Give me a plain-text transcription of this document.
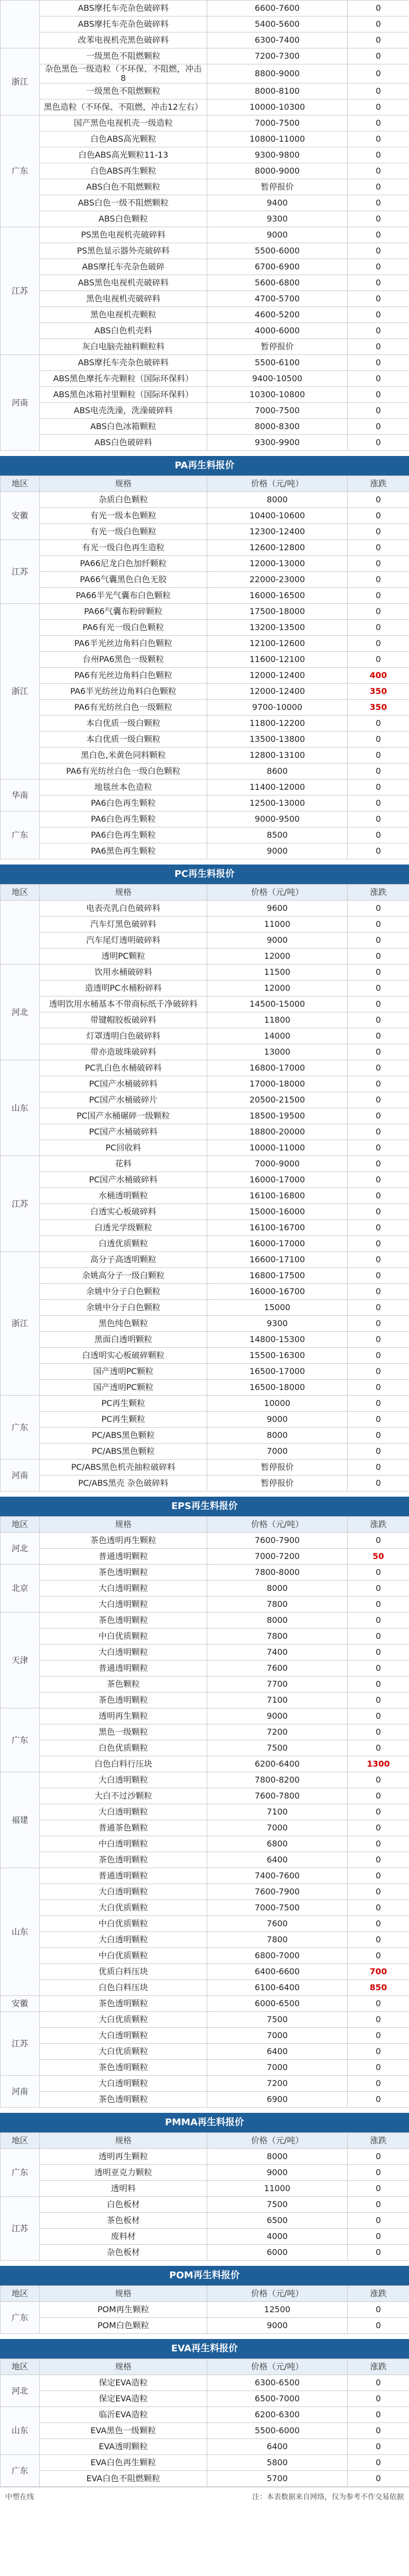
	ABS摩托车壳杂色破碎料	6600-7600	0
	ABS摩托车壳杂色破碎料	5400-5600	0
	改苯电视机壳黑色破碎料	6300-7400	0
浙江	一级黑色不阻燃颗粒	7200-7300	0
	杂色黑色一级造粒（不环保、不阻燃，冲击8	8800-9000	0
	一级黑色不阻燃颗粒	8000-8100	0
	黑色造粒（不环保、不阻燃，冲击12左右）	10000-10300	0
广东	国产黑色电视机壳一级造粒	7000-7500	0
	白色ABS高光颗粒	10800-11000	0
	白色ABS高光颗粒11-13	9300-9800	0
	白色ABS再生颗粒	8000-9000	0
	ABS白色不阻燃颗粒	暂停报价	0
	ABS白色一级不阻燃颗粒	9400	0
	ABS白色颗粒	9300	0
江苏	PS黑色电视机壳破碎料	9000	0
	PS黑色显示器外壳破碎料	5500-6000	0
	ABS摩托车壳杂色破碎	6700-6900	0
	ABS黑色电视机壳破碎料	5600-6800	0
	黑色电视机壳破碎料	4700-5700	0
	黑色电视机壳颗粒	4600-5200	0
	ABS白色机壳料	4000-6000	0
	灰白电脑壳抽料颗粒料	暂停报价	0
河南	ABS摩托车壳杂色破碎料	5500-6100	0
	ABS黑色摩托车壳颗粒（国际环保料）	9400-10500	0
	ABS黑色冰箱衬里颗粒（国际环保料）	10300-10800	0
	ABS电壳洗澡，洗澡破碎料	7000-7500	0
	ABS白色冰箱颗粒	8000-8300	0
	ABS白色破碎料	9300-9900	0
PA再生料报价
地区	规格	价格（元/吨）	涨跌
安徽	杂质白色颗粒	8000	0
	有光一级本色颗粒	10400-10600	0
	有光一级白色颗粒	12300-12400	0
江苏	有光一级白色再生造粒	12600-12800	0
	PA66尼龙白色加纤颗粒	12000-13000	0
	PA66气囊黑色白色无胶	22000-23000	0
	PA66半光气囊布白色颗粒	16000-16500	0
浙江	PA66气囊布粉碎颗粒	17500-18000	0
	PA6有光一级白色颗粒	13200-13500	0
	PA6半光丝边角料白色颗粒	12100-12600	0
	台州PA6黑色一级颗粒	11600-12100	0
	PA6有光丝边角料白色颗粒	12000-12400	400
	PA6半光纺丝边角料白色颗粒	12000-12400	350
	PA6有光纺丝白色一级颗粒	9700-10000	350
	本白优质一级白颗粒	11800-12200	0
	本白优质一级白颗粒	13500-13800	0
	黑白色,米黄色同料颗粒	12800-13100	0
	PA6有光纺丝白色一级白色颗粒	8600	0
华南	地毯丝本色造粒	11400-12000	0
	PA6白色再生颗粒	12500-13000	0
广东	PA6白色再生颗粒	9000-9500	0
	PA6白色再生颗粒	8500	0
	PA6黑色再生颗粒	9000	0
PC再生料报价
地区	规格	价格（元/吨）	涨跌
	电表壳乳白色破碎料	9600	0
	汽车灯黑色破碎料	11000	0
	汽车尾灯透明破碎料	9000	0
	透明PC颗粒	12000	0
河北	饮用水桶破碎料	11500	0
	造透明PC水桶粉碎料	12000	0
	透明饮用水桶基本不带商标纸千净破碎料	14500-15000	0
	带键帽胶板破碎料	11800	0
	灯罩透明白色破碎料	14000	0
	带亦造玻珠破碎料	13000	0
山东	PC乳白色水桶破碎料	16800-17000	0
	PC国产水桶破碎料	17000-18000	0
	PC国产水桶破碎片	20500-21500	0
	PC国产水桶碾碎一级颗粒	18500-19500	0
	PC国产水桶破碎料	18800-20000	0
	PC回收料	10000-11000	0
江苏	花料	7000-9000	0
	PC国产水桶破碎料	16000-17000	0
	水桶透明颗粒	16100-16800	0
	白透实心板破碎料	15000-16000	0
	白透光学级颗粒	16100-16700	0
	白透优质颗粒	16000-17000	0
浙江	高分子高透明颗粒	16600-17100	0
	余姚高分子一级白颗粒	16800-17500	0
	余姚中分子白色颗粒	16000-16700	0
	余姚中分子白色颗粒	15000	0
	黑色纯色颗粒	9300	0
	黑面白透明颗粒	14800-15300	0
	白透明实心板破碎颗粒	15500-16300	0
	国产透明PC颗粒	16500-17000	0
	国产透明PC颗粒	16500-18000	0
广东	PC再生颗粒	10000	0
	PC再生颗粒	9000	0
	PC/ABS黑色颗粒	8000	0
	PC/ABS黑色颗粒	7000	0
河南	PC/ABS黑色机壳抽粒破碎料	暂停报价	0
	PC/ABS黑壳 杂色破碎料	暂停报价	0
EPS再生料报价
地区	规格	价格（元/吨）	涨跌
河北	茶色透明再生颗粒	7600-7900	0
	普通透明颗粒	7000-7200	50
北京	茶色透明颗粒	7800-8000	0
	大白透明颗粒	8000	0
	大白透明颗粒	7800	0
天津	茶色透明颗粒	8000	0
	中白优质颗粒	7800	0
	大白透明颗粒	7400	0
	普通透明颗粒	7600	0
	茶色颗粒	7700	0
	茶色透明颗粒	7100	0
广东	透明再生颗粒	9000	0
	黑色一级颗粒	7200	0
	白色优质颗粒	7500	0
	白色白料行压块	6200-6400	1300
福建	大白透明颗粒	7800-8200	0
	大白不过沙颗粒	7600-7800	0
	大白透明颗粒	7100	0
	普通茶色颗粒	7000	0
	中白透明颗粒	6800	0
	茶色透明颗粒	6400	0
山东	普通透明颗粒	7400-7600	0
	大白透明颗粒	7600-7900	0
	大白优质颗粒	7000-7500	0
	中白优质颗粒	7600	0
	大白透明颗粒	7800	0
	中白优质颗粒	6800-7000	0
	优质白料压块	6400-6600	700
	白色白料压块	6100-6400	850
安徽	茶色透明颗粒	6000-6500	0
江苏	大白优质颗粒	7500	0
	大白透明颗粒	7000	0
	大白优质颗粒	6400	0
	茶色透明颗粒	7000	0
河南	大白透明颗粒	7200	0
	茶色透明颗粒	6900	0
PMMA再生料报价
地区	规格	价格（元/吨）	涨跌
广东	透明再生颗粒	8000	0
	透明亚克力颗粒	9000	0
	透明料	11000	0
江苏	白色板材	7500	0
	茶色板材	6500	0
	废料材	4000	0
	杂色板材	6000	0
POM再生料报价
地区	规格	价格（元/吨）	涨跌
广东	POM再生颗粒	12500	0
	POM白色颗粒	9000	0
EVA再生料报价
地区	规格	价格（元/吨）	涨跌
河北	保定EVA造粒	6300-6500	0
	保定EVA造粒	6500-7000	0
山东	临沂EVA造粒	6200-6300	0
	EVA黑色一级颗粒	5500-6000	0
	EVA透明颗粒	6400	0
广东	EVA白色再生颗粒	5800	0
	EVA白色不阻燃颗粒	5700	0
中塑在线	注：本表数据来自网络，仅为参考不作交易依据
